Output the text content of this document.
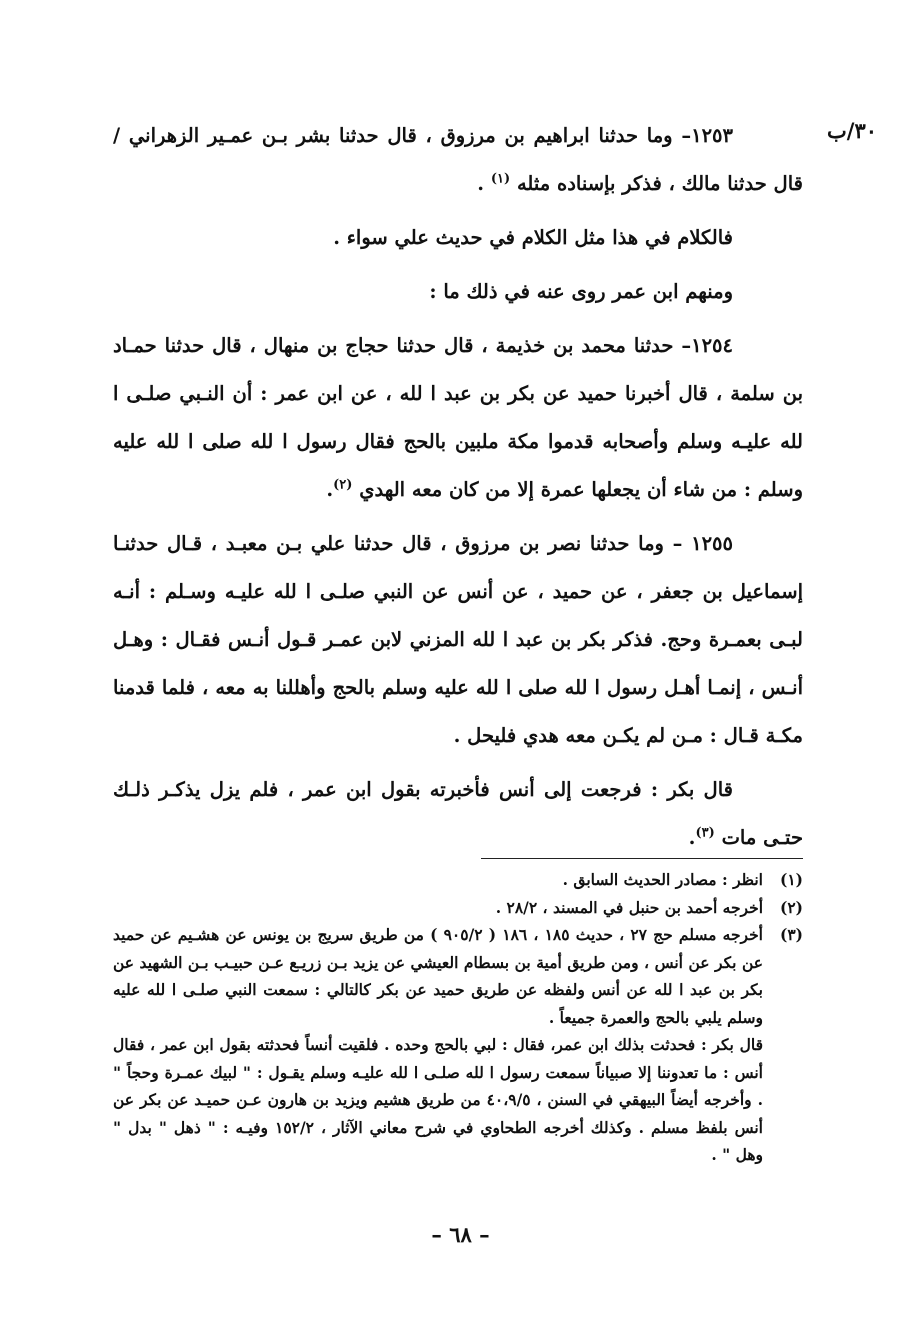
٣٠/ب

١٢٥٣– وما حدثنا ابراهيم بن مرزوق ، قال حدثنا بشر بـن عمـير الزهراني / قال حدثنا مالك ، فذكر بإسناده مثله $^{(١)}$ .

فالكلام في هذا مثل الكلام في حديث علي سواء .

ومنهم ابن عمر روى عنه في ذلك ما :

١٢٥٤– حدثنا محمد بن خذيمة ، قال حدثنا حجاج بن منهال ، قال حدثنا حمـاد بن سلمة ، قال أخبرنا حميد عن بكر بن عبد ا لله ، عن ابن عمر : أن النـبي صلـى ا لله عليـه وسلم وأصحابه قدموا مكة ملبين بالحج فقال رسول ا لله صلى ا لله عليه وسلم : من شاء أن يجعلها عمرة إلا من كان معه الهدي $^{(٢)}$.

١٢٥٥ – وما حدثنا نصر بن مرزوق ، قال حدثنا علي بـن معبـد ، قـال حدثنـا إسماعيل بن جعفر ، عن حميد ، عن أنس عن النبي صلـى ا لله عليـه وسـلم : أنـه لبـى بعمـرة وحج. فذكر بكر بن عبد ا لله المزني لابن عمـر قـول أنـس فقـال : وهـل أنـس ، إنمـا أهـل رسول ا لله صلى ا لله عليه وسلم بالحج وأهللنا به معه ، فلما قدمنا مكـة قـال : مـن لم يكـن معه هدي فليحل .

قال بكر : فرجعت إلى أنس فأخبرته بقول ابن عمر ، فلم يزل يذكـر ذلـك حتـى مات $^{(٣)}$.

(١)
انظر : مصادر الحديث السابق .
(٢)
أخرجه أحمد بن حنبل في المسند ، ٢٨/٢ .
(٣)

أخرجه مسلم حج ٢٧ ، حديث ١٨٥ ، ١٨٦ ( ٩٠٥/٢ ) من طريق سريج بن يونس عن هشـيم عن حميد عن بكر عن أنس ، ومن طريق أمية بن بسطام العيشي عن يزيد بـن زريـع عـن حبيـب بـن الشهيد عن بكر بن عبد ا لله عن أنس ولفظه عن طريق حميد عن بكر كالتالي : سمعت النبي صلـى ا لله عليه وسلم يلبي بالحج والعمرة جميعاً .

قال بكر : فحدثت بذلك ابن عمر، فقال : لبي بالحج وحده . فلقيت أنساً فحدثته بقول ابن عمر ، فقال أنس : ما تعدوننا إلا صبياناً سمعت رسول ا لله صلـى ا لله عليـه وسلم يقـول : " لبيك عمـرة وحجاً " . وأخرجه أيضاً البيهقي في السنن ، ٤٠،٩/٥ من طريق هشيم ويزيد بن هارون عـن حميـد عن بكر عن أنس بلفظ مسلم . وكذلك أخرجه الطحاوي في شرح معاني الآثار ، ١٥٢/٢ وفيـه : " ذهل " بدل " وهل " .

– ٦٨ –
